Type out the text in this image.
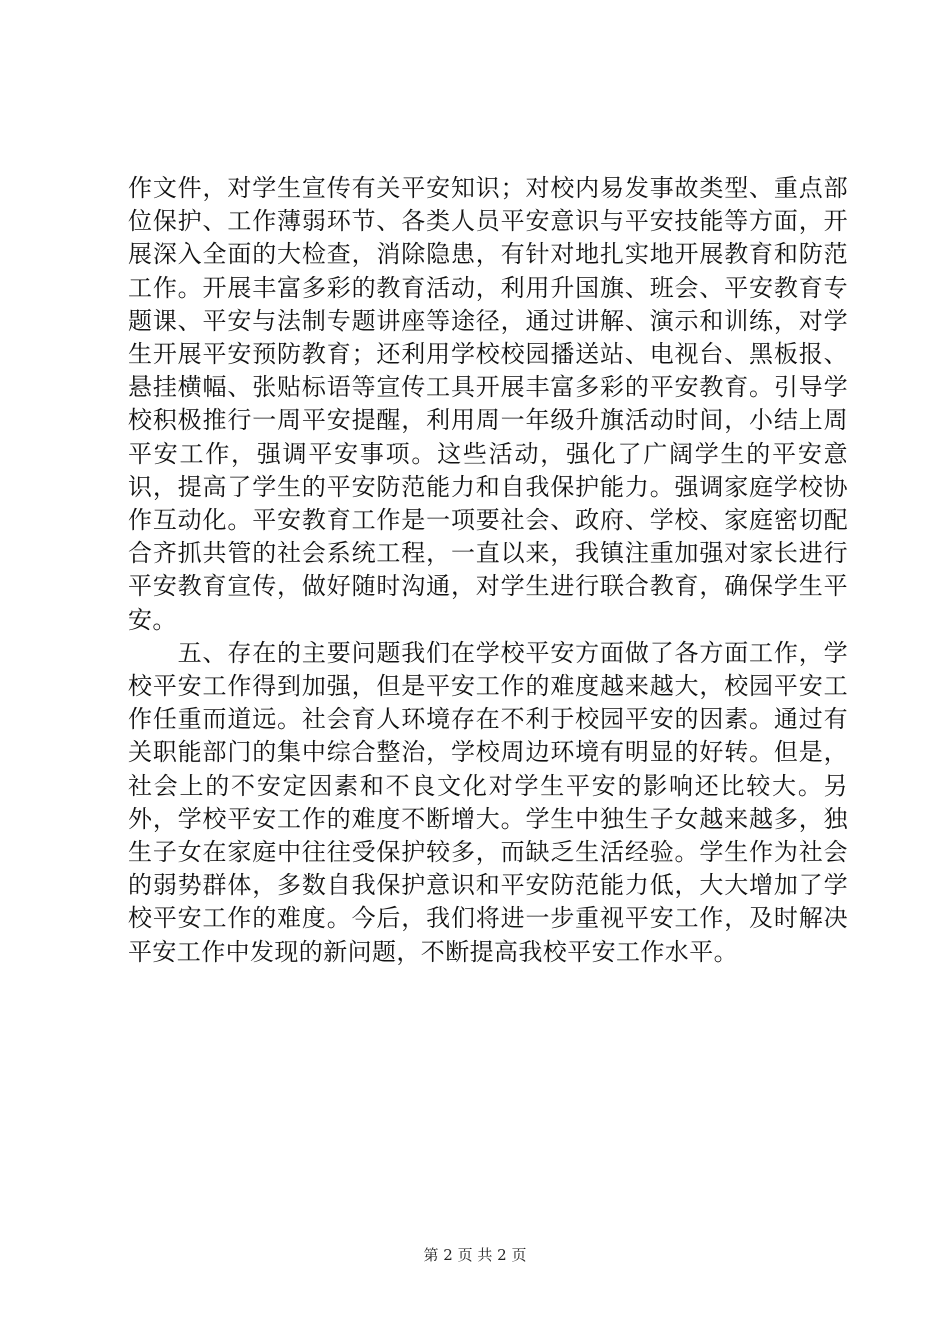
作文件，对学生宣传有关平安知识；对校内易发事故类型、重点部位保护、工作薄弱环节、各类人员平安意识与平安技能等方面，开展深入全面的大检查，消除隐患，有针对地扎实地开展教育和防范工作。开展丰富多彩的教育活动，利用升国旗、班会、平安教育专题课、平安与法制专题讲座等途径，通过讲解、演示和训练，对学生开展平安预防教育；还利用学校校园播送站、电视台、黑板报、悬挂横幅、张贴标语等宣传工具开展丰富多彩的平安教育。引导学校积极推行一周平安提醒，利用周一年级升旗活动时间，小结上周平安工作，强调平安事项。这些活动，强化了广阔学生的平安意识，提高了学生的平安防范能力和自我保护能力。强调家庭学校协作互动化。平安教育工作是一项要社会、政府、学校、家庭密切配合齐抓共管的社会系统工程，一直以来，我镇注重加强对家长进行平安教育宣传，做好随时沟通，对学生进行联合教育，确保学生平安。

　　五、存在的主要问题我们在学校平安方面做了各方面工作，学校平安工作得到加强，但是平安工作的难度越来越大，校园平安工作任重而道远。社会育人环境存在不利于校园平安的因素。通过有关职能部门的集中综合整治，学校周边环境有明显的好转。但是，社会上的不安定因素和不良文化对学生平安的影响还比较大。另外，学校平安工作的难度不断增大。学生中独生子女越来越多，独生子女在家庭中往往受保护较多，而缺乏生活经验。学生作为社会的弱势群体，多数自我保护意识和平安防范能力低，大大增加了学校平安工作的难度。今后，我们将进一步重视平安工作，及时解决平安工作中发现的新问题，不断提高我校平安工作水平。

第 2 页 共 2 页
